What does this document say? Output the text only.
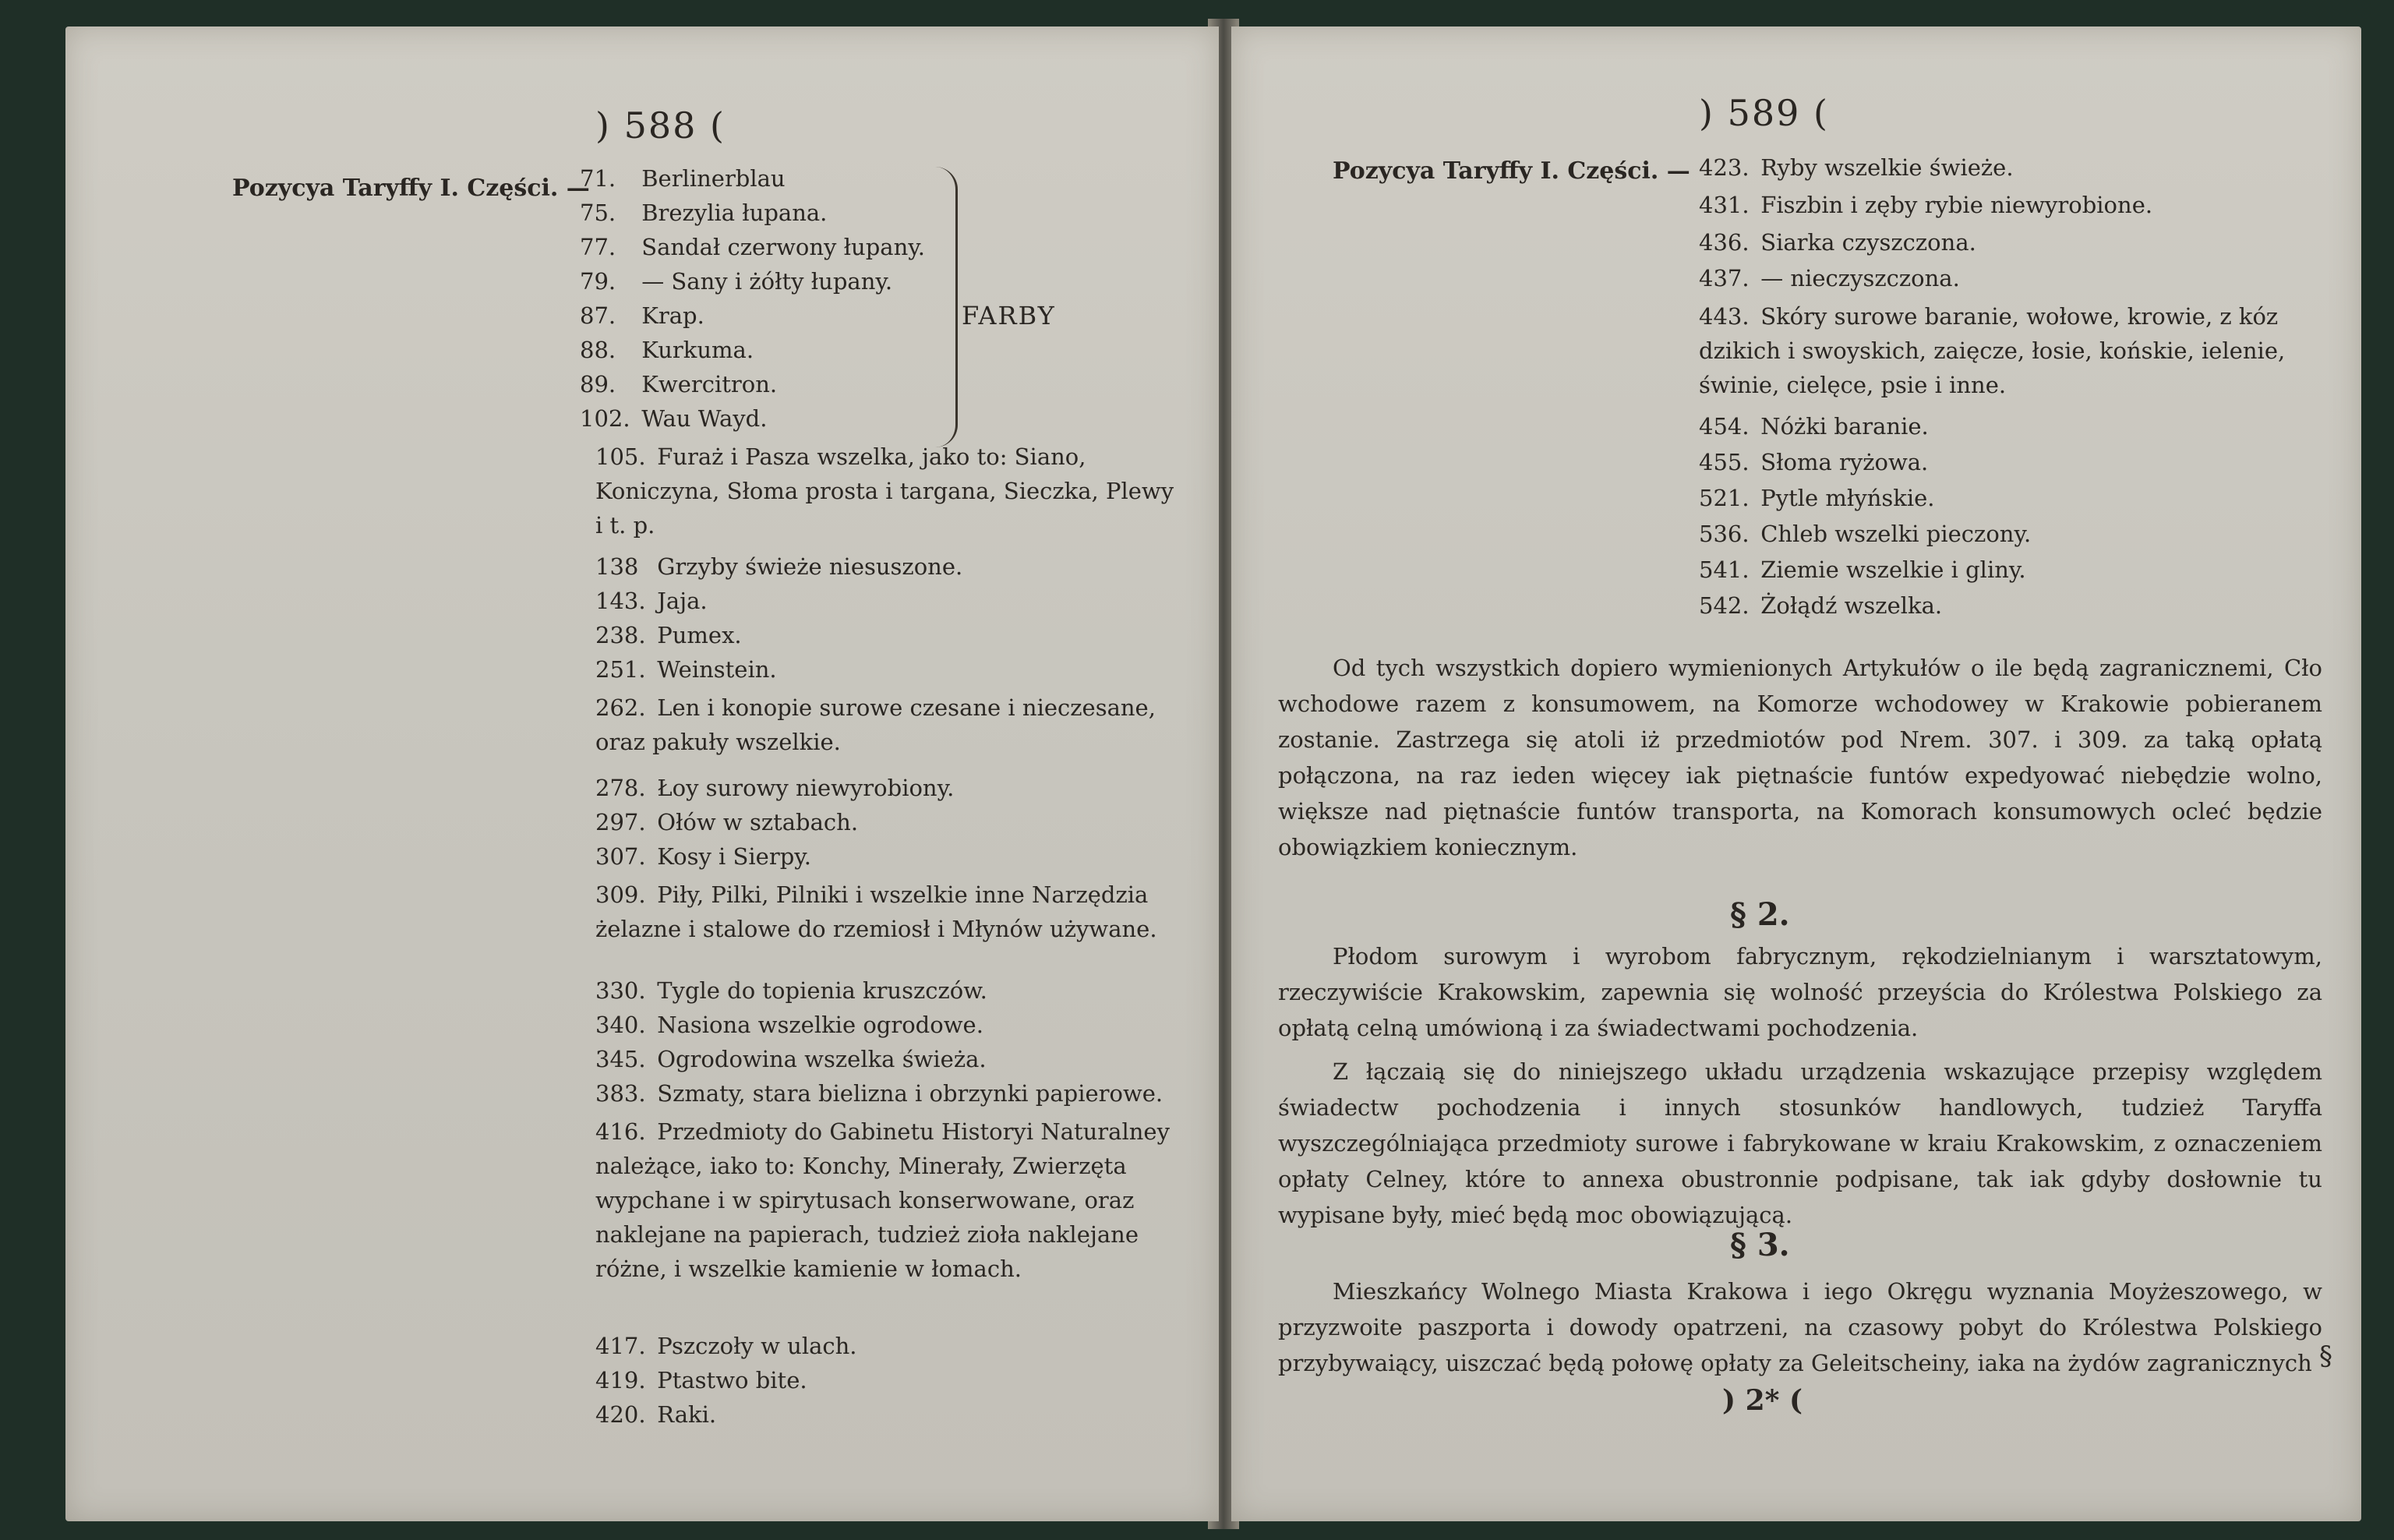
) 588 (
Pozycya Taryffy I. Części. —
71. Berlinerblau
75. Brezylia łupana.
77. Sandał czerwony łupany.
79. — Sany i żółty łupany.
87. Krap.
88. Kurkuma.
89. Kwercitron.
102. Wau Wayd.
FARBY
105. Furaż i Pasza wszelka, jako to: Siano, Koniczyna, Słoma prosta i targana, Sieczka, Plewy i t. p.
138 Grzyby świeże niesuszone.
143. Jaja.
238. Pumex.
251. Weinstein.
262. Len i konopie surowe czesane i nieczesane, oraz pakuły wszelkie.
278. Łoy surowy niewyrobiony.
297. Ołów w sztabach.
307. Kosy i Sierpy.
309. Piły, Pilki, Pilniki i wszelkie inne Narzędzia żelazne i stalowe do rzemiosł i Młynów używane.
330. Tygle do topienia kruszczów.
340. Nasiona wszelkie ogrodowe.
345. Ogrodowina wszelka świeża.
383. Szmaty, stara bielizna i obrzynki papierowe.
416. Przedmioty do Gabinetu Historyi Naturalney należące, iako to: Konchy, Minerały, Zwierzęta wypchane i w spirytusach konserwowane, oraz naklejane na papierach, tudzież zioła naklejane różne, i wszelkie kamienie w łomach.
417. Pszczoły w ulach.
419. Ptastwo bite.
420. Raki.
) 589 (
Pozycya Taryffy I. Części. — 423. Ryby wszelkie świeże.
431. Fiszbin i zęby rybie niewyrobione.
436. Siarka czyszczona.
437. — nieczyszczona.
443. Skóry surowe baranie, wołowe, krowie, z kóz dzikich i swoyskich, zaięcze, łosie, końskie, ielenie, świnie, cielęce, psie i inne.
454. Nóżki baranie.
455. Słoma ryżowa.
521. Pytle młyńskie.
536. Chleb wszelki pieczony.
541. Ziemie wszelkie i gliny.
542. Żołądź wszelka.
Od tych wszystkich dopiero wymienionych Artykułów o ile będą zagranicznemi, Cło wchodowe razem z konsumowem, na Komorze wchodowey w Krakowie pobieranem zostanie. Zastrzega się atoli iż przedmiotów pod Nrem. 307. i 309. za taką opłatą połączona, na raz ieden więcey iak piętnaście funtów expedyować niebędzie wolno, większe nad piętnaście funtów transporta, na Komorach konsumowych ocleć będzie obowiązkiem koniecznym.
§ 2.
Płodom surowym i wyrobom fabrycznym, rękodzielnianym i warsztatowym, rzeczywiście Krakowskim, zapewnia się wolność przeyścia do Królestwa Polskiego za opłatą celną umówioną i za świadectwami pochodzenia.
Z łączaią się do niniejszego układu urządzenia wskazujące przepisy względem świadectw pochodzenia i innych stosunków handlowych, tudzież Taryffa wyszczególniająca przedmioty surowe i fabrykowane w kraiu Krakowskim, z oznaczeniem opłaty Celney, które to annexa obustronnie podpisane, tak iak gdyby dosłownie tu wypisane były, mieć będą moc obowiązującą.
§ 3.
Mieszkańcy Wolnego Miasta Krakowa i iego Okręgu wyznania Moyżeszowego, w przyzwoite paszporta i dowody opatrzeni, na czasowy pobyt do Królestwa Polskiego przybywaiący, uiszczać będą połowę opłaty za Geleitscheiny, iaka na żydów zagranicznych §
) 2* (
